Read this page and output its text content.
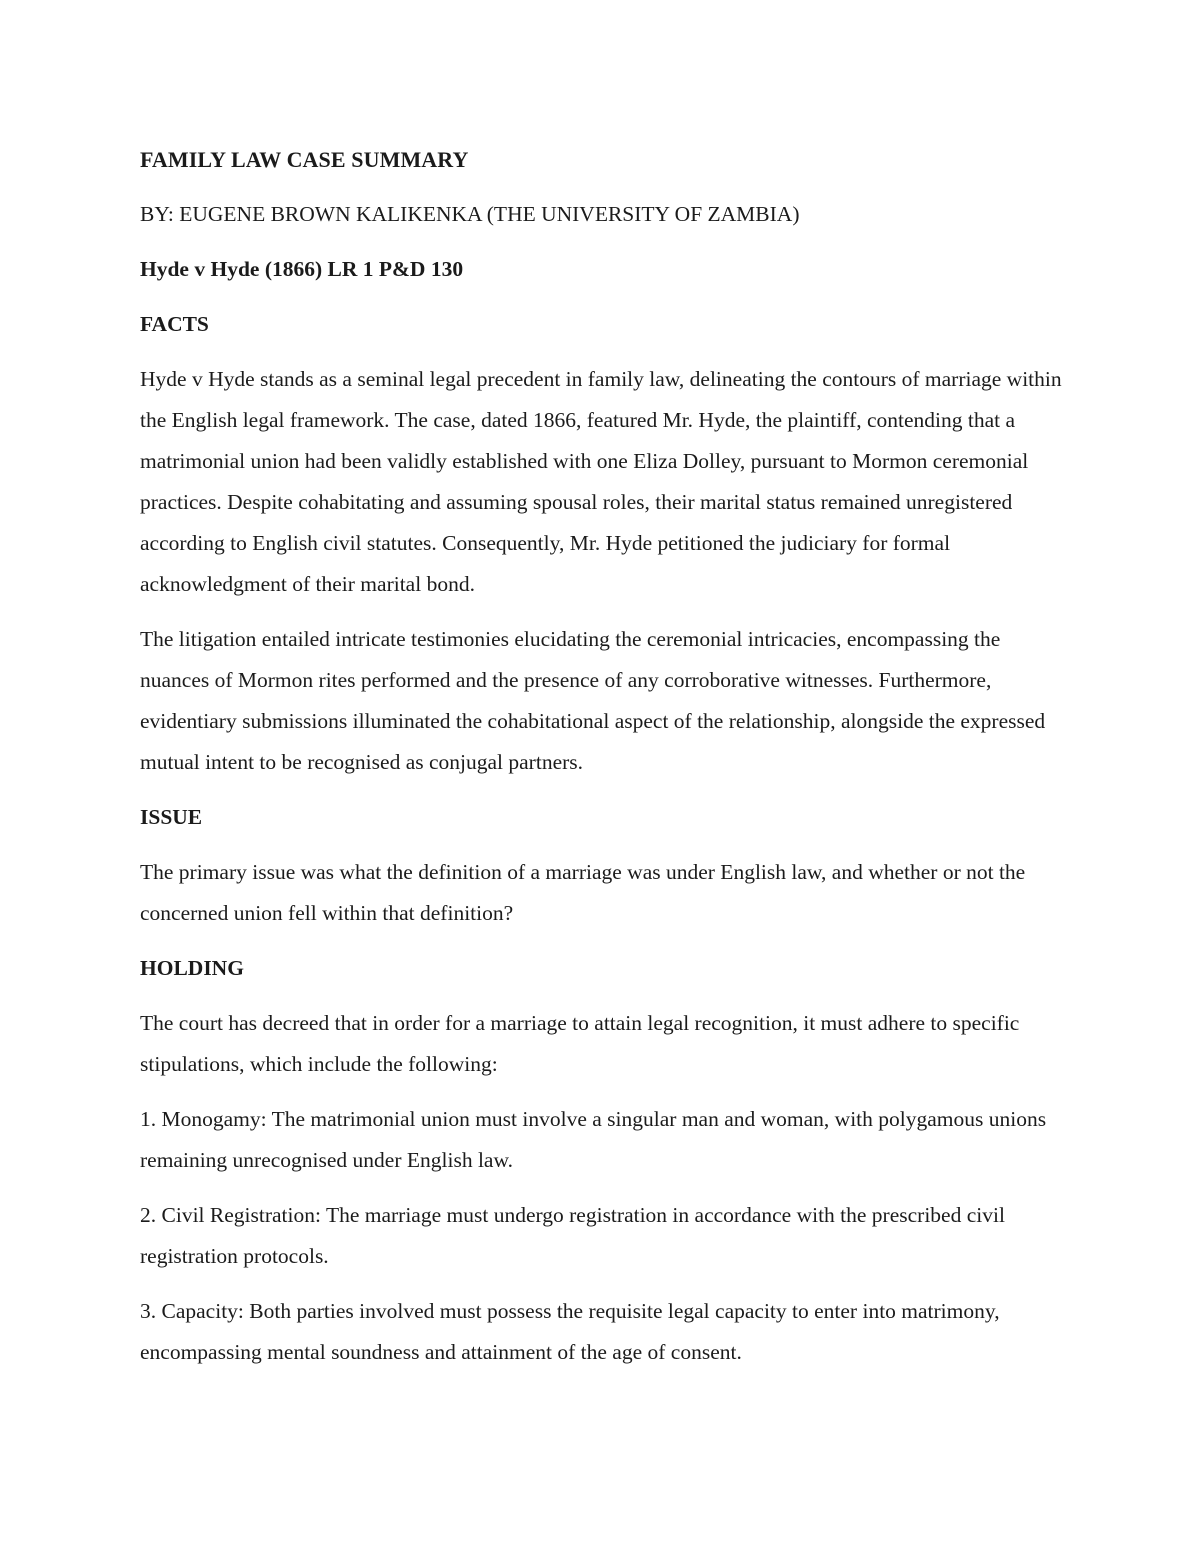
FAMILY LAW CASE SUMMARY
BY: EUGENE BROWN KALIKENKA (THE UNIVERSITY OF ZAMBIA)
Hyde v Hyde (1866) LR 1 P&D 130
FACTS
Hyde v Hyde stands as a seminal legal precedent in family law, delineating the contours of marriage within the English legal framework. The case, dated 1866, featured Mr. Hyde, the plaintiff, contending that a matrimonial union had been validly established with one Eliza Dolley, pursuant to Mormon ceremonial practices. Despite cohabitating and assuming spousal roles, their marital status remained unregistered according to English civil statutes. Consequently, Mr. Hyde petitioned the judiciary for formal acknowledgment of their marital bond.
The litigation entailed intricate testimonies elucidating the ceremonial intricacies, encompassing the nuances of Mormon rites performed and the presence of any corroborative witnesses. Furthermore, evidentiary submissions illuminated the cohabitational aspect of the relationship, alongside the expressed mutual intent to be recognised as conjugal partners.
ISSUE
The primary issue was what the definition of a marriage was under English law, and whether or not the concerned union fell within that definition?
HOLDING
The court has decreed that in order for a marriage to attain legal recognition, it must adhere to specific stipulations, which include the following:
1. Monogamy: The matrimonial union must involve a singular man and woman, with polygamous unions remaining unrecognised under English law.
2. Civil Registration: The marriage must undergo registration in accordance with the prescribed civil registration protocols.
3. Capacity: Both parties involved must possess the requisite legal capacity to enter into matrimony, encompassing mental soundness and attainment of the age of consent.
